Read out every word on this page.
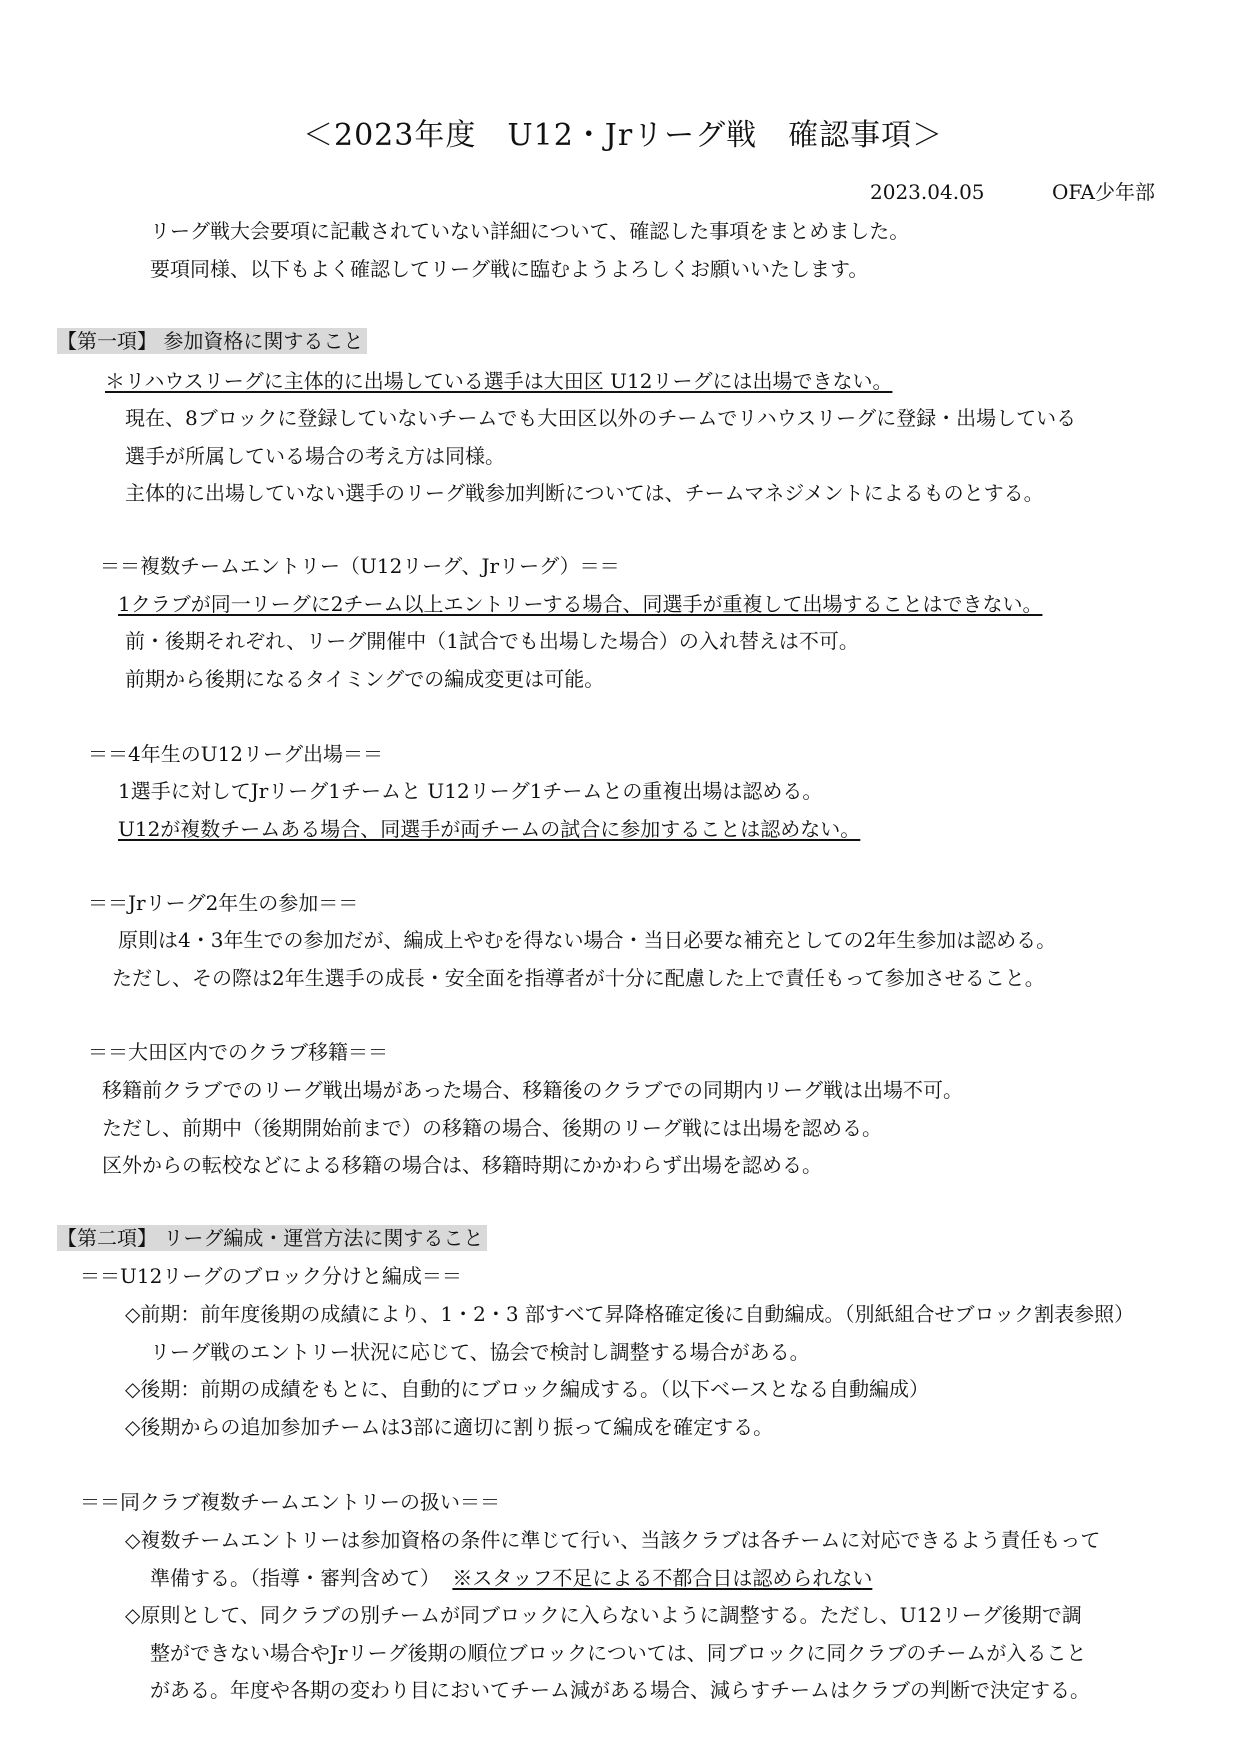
＜2023年度　U12・Jrリーグ戦　確認事項＞
2023.04.05	OFA少年部
リーグ戦大会要項に記載されていない詳細について、確認した事項をまとめました。
要項同様、以下もよく確認してリーグ戦に臨むようよろしくお願いいたします。
【第一項】 参加資格に関すること
＊リハウスリーグに主体的に出場している選手は大田区 U12リーグには出場できない。
現在、8ブロックに登録していないチームでも大田区以外のチームでリハウスリーグに登録・出場している
選手が所属している場合の考え方は同様。
主体的に出場していない選手のリーグ戦参加判断については、チームマネジメントによるものとする。
＝＝複数チームエントリー（U12リーグ、Jrリーグ）＝＝
1クラブが同一リーグに2チーム以上エントリーする場合、同選手が重複して出場することはできない。
前・後期それぞれ、リーグ開催中（1試合でも出場した場合）の入れ替えは不可。
前期から後期になるタイミングでの編成変更は可能。
＝＝4年生のU12リーグ出場＝＝
1選手に対してJrリーグ1チームと U12リーグ1チームとの重複出場は認める。
U12が複数チームある場合、同選手が両チームの試合に参加することは認めない。
＝＝Jrリーグ2年生の参加＝＝
原則は4・3年生での参加だが、編成上やむを得ない場合・当日必要な補充としての2年生参加は認める。
ただし、その際は2年生選手の成長・安全面を指導者が十分に配慮した上で責任もって参加させること。
＝＝大田区内でのクラブ移籍＝＝
移籍前クラブでのリーグ戦出場があった場合、移籍後のクラブでの同期内リーグ戦は出場不可。
ただし、前期中（後期開始前まで）の移籍の場合、後期のリーグ戦には出場を認める。
区外からの転校などによる移籍の場合は、移籍時期にかかわらず出場を認める。
【第二項】 リーグ編成・運営方法に関すること
＝＝U12リーグのブロック分けと編成＝＝
◇前期：前年度後期の成績により、1・2・3 部すべて昇降格確定後に自動編成。（別紙組合せブロック割表参照）
リーグ戦のエントリー状況に応じて、協会で検討し調整する場合がある。
◇後期：前期の成績をもとに、自動的にブロック編成する。（以下ベースとなる自動編成）
◇後期からの追加参加チームは3部に適切に割り振って編成を確定する。
＝＝同クラブ複数チームエントリーの扱い＝＝
◇複数チームエントリーは参加資格の条件に準じて行い、当該クラブは各チームに対応できるよう責任もって
準備する。（指導・審判含めて） ※スタッフ不足による不都合日は認められない
◇原則として、同クラブの別チームが同ブロックに入らないように調整する。ただし、U12リーグ後期で調
整ができない場合やJrリーグ後期の順位ブロックについては、同ブロックに同クラブのチームが入ること
がある。年度や各期の変わり目においてチーム減がある場合、減らすチームはクラブの判断で決定する。
